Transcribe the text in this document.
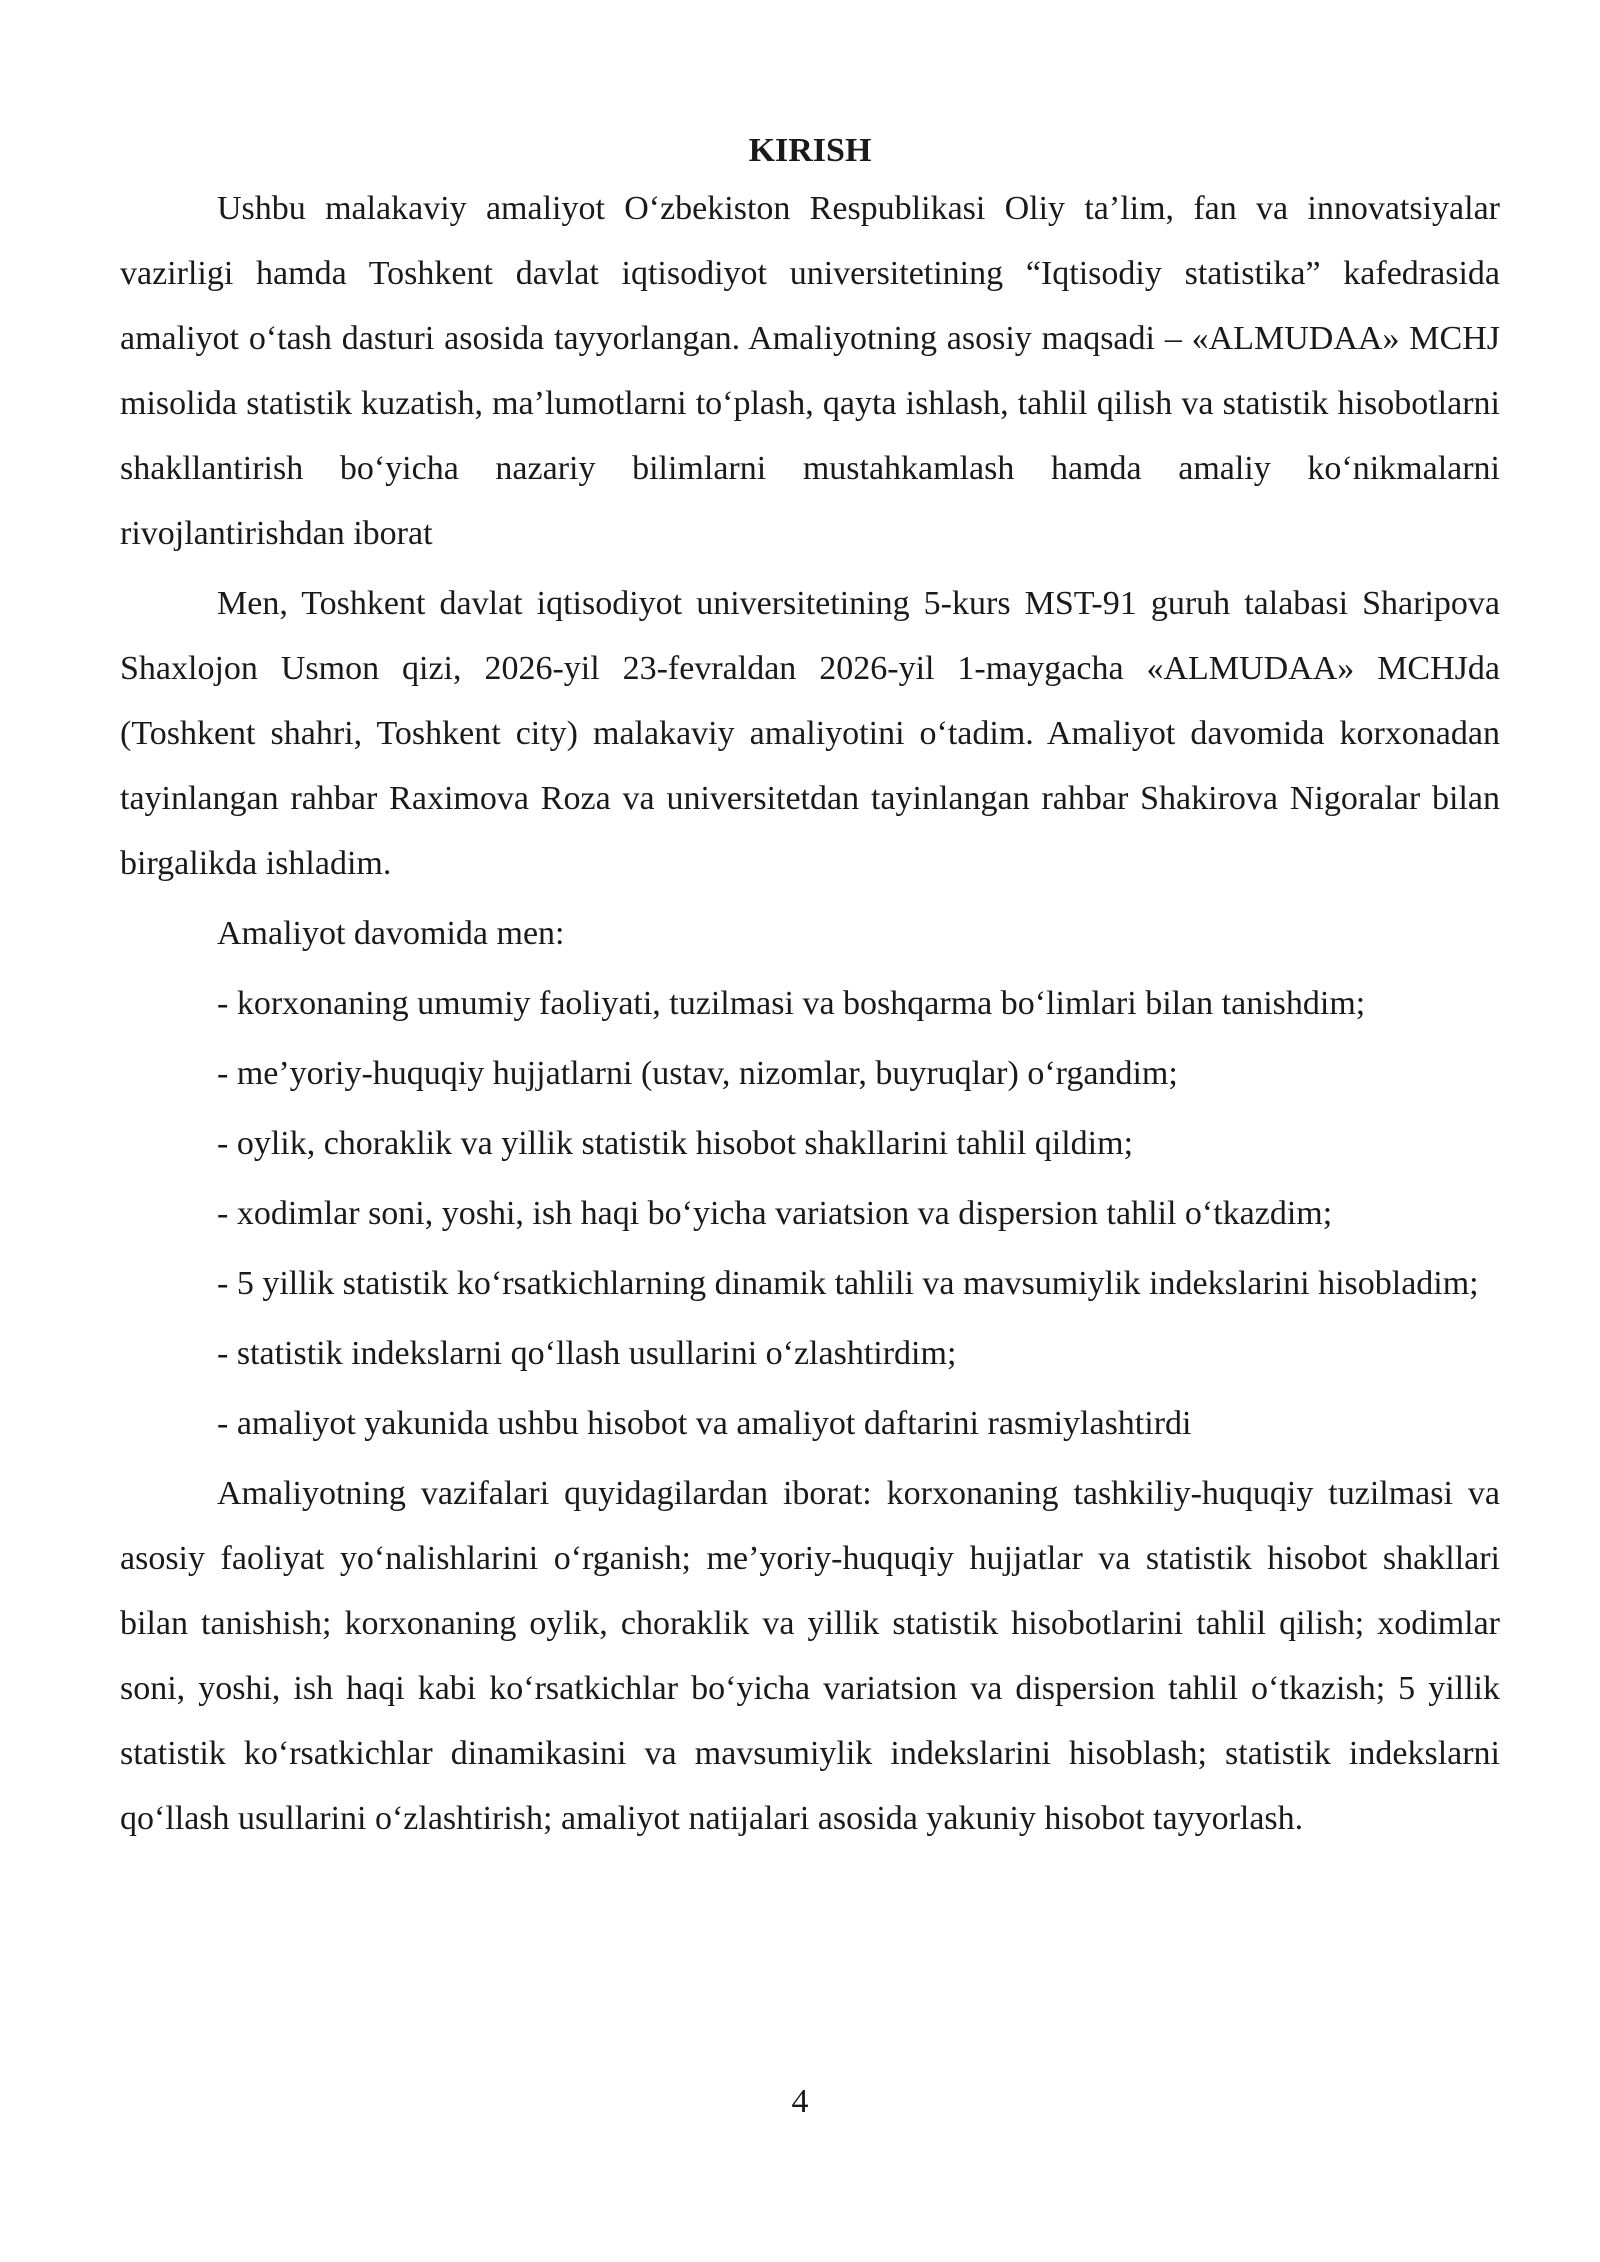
KIRISH

Ushbu malakaviy amaliyot O‘zbekiston Respublikasi Oliy ta’lim, fan va innovatsiyalar vazirligi hamda Toshkent davlat iqtisodiyot universitetining “Iqtisodiy statistika” kafedrasida amaliyot o‘tash dasturi asosida tayyorlangan. Amaliyotning asosiy maqsadi – «ALMUDAA» MCHJ misolida statistik kuzatish, ma’lumotlarni to‘plash, qayta ishlash, tahlil qilish va statistik hisobotlarni shakllantirish bo‘yicha nazariy bilimlarni mustahkamlash hamda amaliy ko‘nikmalarni rivojlantirishdan iborat

Men, Toshkent davlat iqtisodiyot universitetining 5-kurs MST-91 guruh talabasi Sharipova Shaxlojon Usmon qizi, 2026-yil 23-fevraldan 2026-yil 1-maygacha «ALMUDAA» MCHJda (Toshkent shahri, Toshkent city) malakaviy amaliyotini o‘tadim. Amaliyot davomida korxonadan tayinlangan rahbar Raximova Roza va universitetdan tayinlangan rahbar Shakirova Nigoralar bilan birgalikda ishladim.

Amaliyot davomida men:

- korxonaning umumiy faoliyati, tuzilmasi va boshqarma bo‘limlari bilan tanishdim;
- me’yoriy-huquqiy hujjatlarni (ustav, nizomlar, buyruqlar) o‘rgandim;
- oylik, choraklik va yillik statistik hisobot shakllarini tahlil qildim;
- xodimlar soni, yoshi, ish haqi bo‘yicha variatsion va dispersion tahlil o‘tkazdim;
- 5 yillik statistik ko‘rsatkichlarning dinamik tahlili va mavsumiylik indekslarini hisobladim;
- statistik indekslarni qo‘llash usullarini o‘zlashtirdim;
- amaliyot yakunida ushbu hisobot va amaliyot daftarini rasmiylashtirdi

Amaliyotning vazifalari quyidagilardan iborat: korxonaning tashkiliy-huquqiy tuzilmasi va asosiy faoliyat yo‘nalishlarini o‘rganish; me’yoriy-huquqiy hujjatlar va statistik hisobot shakllari bilan tanishish; korxonaning oylik, choraklik va yillik statistik hisobotlarini tahlil qilish; xodimlar soni, yoshi, ish haqi kabi ko‘rsatkichlar bo‘yicha variatsion va dispersion tahlil o‘tkazish; 5 yillik statistik ko‘rsatkichlar dinamikasini va mavsumiylik indekslarini hisoblash; statistik indekslarni qo‘llash usullarini o‘zlashtirish; amaliyot natijalari asosida yakuniy hisobot tayyorlash.

4
